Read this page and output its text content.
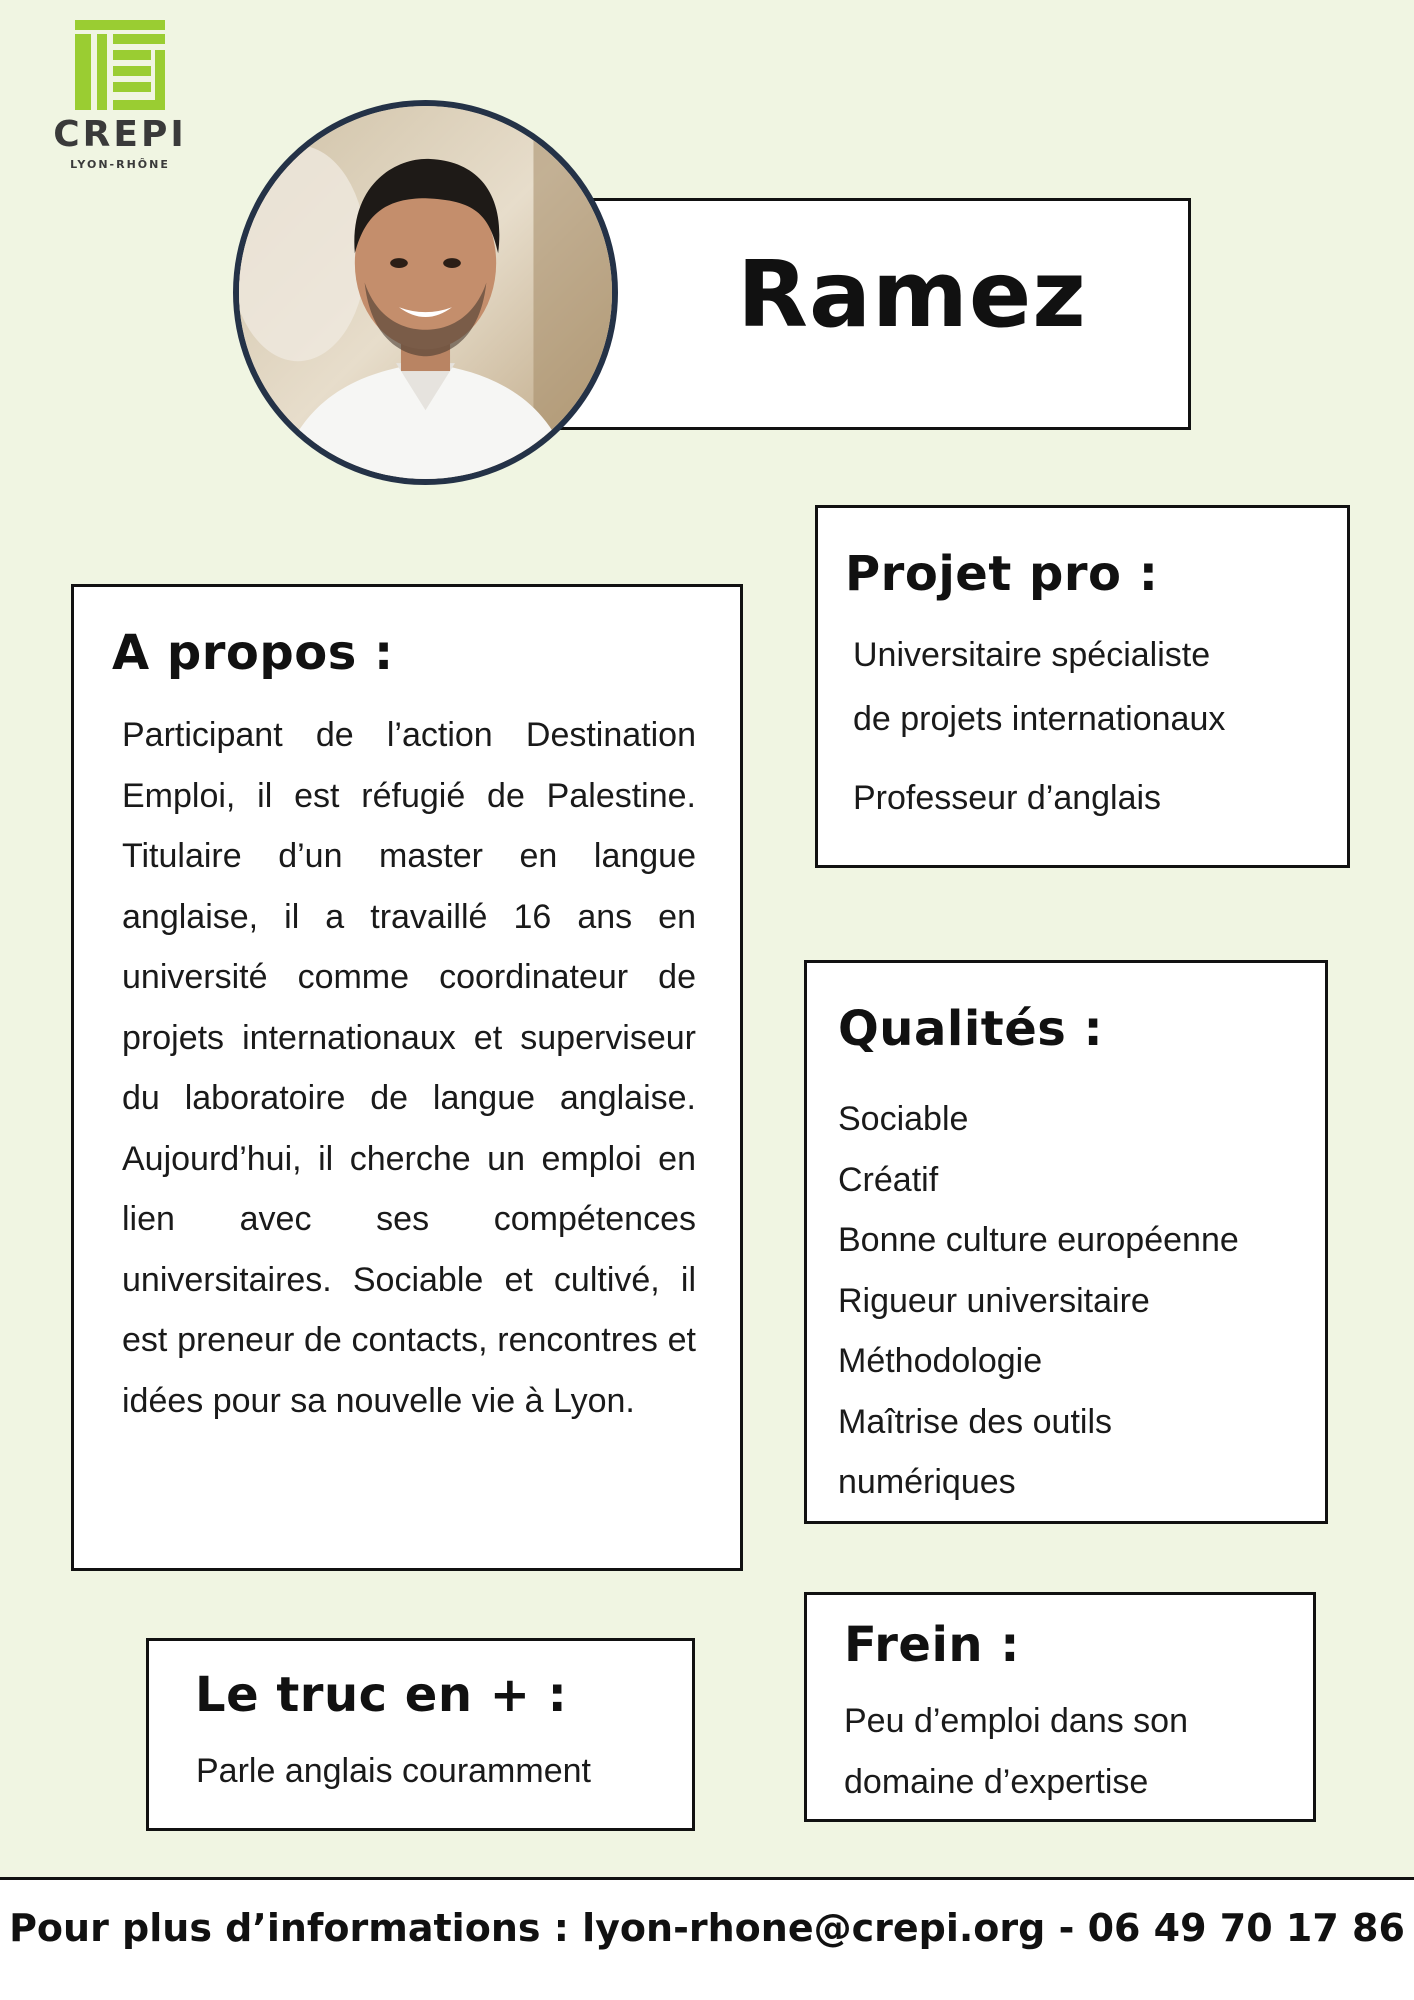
CREPI
LYON-RHÔNE
Ramez
A propos :
Participant de l’action Destination Emploi, il est réfugié de Palestine. Titulaire d’un master en langue anglaise, il a travaillé 16 ans en université comme coordinateur de projets internationaux et superviseur du laboratoire de langue anglaise. Aujourd’hui, il cherche un emploi en lien avec ses compétences universitaires. Sociable et cultivé, il est preneur de contacts, rencontres et idées pour sa nouvelle vie à Lyon.
Projet pro :
Universitaire spécialiste
de projets internationaux
Professeur d’anglais
Qualités :
Sociable
Créatif
Bonne culture européenne
Rigueur universitaire
Méthodologie
Maîtrise des outils
numériques
Le truc en + :
Parle anglais couramment
Frein :
Peu d’emploi dans son
domaine d’expertise
Pour plus d’informations : lyon-rhone@crepi.org - 06 49 70 17 86
